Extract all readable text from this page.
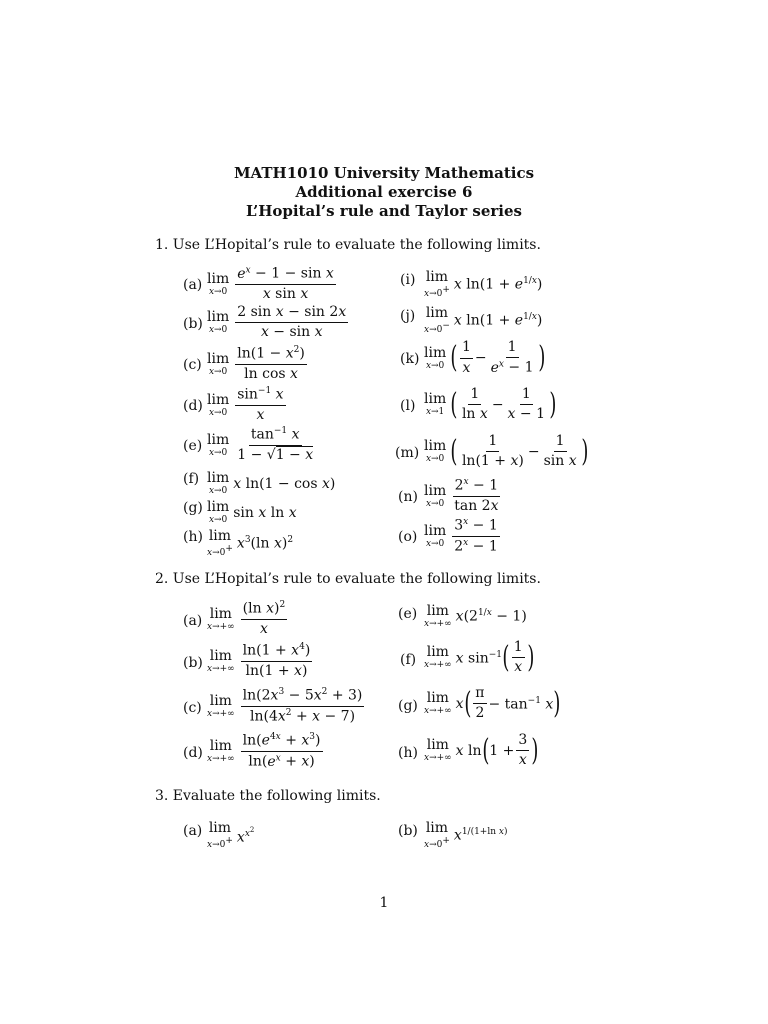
MATH1010 University Mathematics
Additional exercise 6
L’Hopital’s rule and Taylor series
1. Use L’Hopital’s rule to evaluate the following limits.
(a) lim
$x\to 0 \frac{e^x - 1 - \sin x}{\text{x sin x}}$
(b) lim
$x\to 0 \frac{\text{2 sin x − sin 2x}}{\text{x − sin x}}$
(c) lim
$x\to 0 \frac{\ln(1 - x^2)}{\text{ln cos x}}$
(d) lim
$x\to 0 \frac{\sin^{-1} x}{x}$
(e) lim
$x\to 0 \frac{\tan^{-1} x}{1 - √1 - x}$
(f) lim
x→0 x ln(1 − cos x)
(g) lim
x→0 sin x ln x
(h) lim
x→0+ $x^3(\ln$ x)$^2$
(i) lim
x→0+ x $\ln(1 + e^{1/x})$
(j) lim
x→0− x $\ln(1 + e^{1/x})$
(k) lim
x→0 ( $\frac{1}{x} - \frac{1}{e^x - 1}$ )
(l) lim
x→1 ( $\frac{1}{\text{ln x}} - \frac{1}{x - 1}$ )
(m) lim
x→0 ( $\frac{1}{\ln(1 + x)} - \frac{1}{\text{sin x}}$ )
(n) lim
$x\to 0 \frac{2^x - 1}{\tan 2x}$
(o) lim
$x\to 0 \frac{3^x - 1}{2^x - 1}$
2. Use L’Hopital’s rule to evaluate the following limits.
(a) lim
$x\to+\infty \frac{(\ln x)^2}{x}$
(b) lim
$x\to+\infty \frac{\ln(1 + x^4)}{\ln(1 + x)}$
(c) lim
$x\to+\infty \frac{\ln(2x^3 - 5x^2 + 3)}{\ln(4x^2 + x - 7)}$
(d) lim
$x\to+\infty \frac{\ln(e^{4x} + x^3)}{\ln(e^x + x)}$
(e) lim
x→+∞ $x(2^{1/x} - 1)$
(f) lim
x→+∞ x $\sin^{-1}$ ( $\frac{1}{x}$ )
(g) lim
x→+∞ x ( $\frac{\pi}{2} - \tan^{-1} x$ )
(h) lim
x→+∞ x ln ( $1 + \frac{3}{x}$ )
3. Evaluate the following limits.
(a) lim
x→0+ $x^{x^2}$	(b) lim
x→0+ $x^{1/(1+ln x)}$
1
